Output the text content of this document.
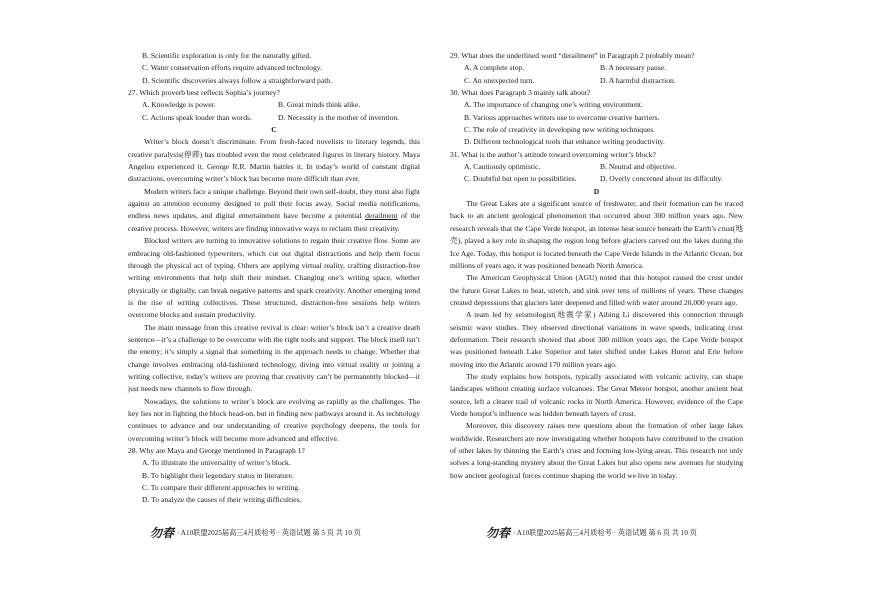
B. Scientific exploration is only for the naturally gifted.

C. Water conservation efforts require advanced technology.

D. Scientific discoveries always follow a straightforward path.

27. Which proverb best reflects Sophia’s journey?

A. Knowledge is power.	B. Great minds think alike.
C. Actions speak louder than words.	D. Necessity is the mother of invention.

C

Writer’s block doesn’t discriminate. From fresh-faced novelists to literary legends, this creative paralysis(停滞) has troubled even the most celebrated figures in literary history. Maya Angelou experienced it. George R.R. Martin battles it. In today’s world of constant digital distractions, overcoming writer’s block has become more difficult than ever.

Modern writers face a unique challenge. Beyond their own self-doubt, they must also fight against an attention economy designed to pull their focus away. Social media notifications, endless news updates, and digital entertainment have become a potential derailment of the creative process. However, writers are finding innovative ways to reclaim their creativity.

Blocked writers are turning to innovative solutions to regain their creative flow. Some are embracing old-fashioned typewriters, which cut out digital distractions and help them focus through the physical act of typing. Others are applying virtual reality, crafting distraction-free writing environments that help shift their mindset. Changing one’s writing space, whether physically or digitally, can break negative patterns and spark creativity. Another emerging trend is the rise of writing collectives. These structured, distraction-free sessions help writers overcome blocks and sustain productivity.

The main message from this creative revival is clear: writer’s block isn’t a creative death sentence—it’s a challenge to be overcome with the right tools and support. The block itself isn’t the enemy; it’s simply a signal that something in the approach needs to change. Whether that change involves embracing old-fashioned technology, diving into virtual reality or joining a writing collective, today’s writers are proving that creativity can’t be permanently blocked—it just needs new channels to flow through.

Nowadays, the solutions to writer’s block are evolving as rapidly as the challenges. The key lies not in fighting the block head-on, but in finding new pathways around it. As technology continues to advance and our understanding of creative psychology deepens, the tools for overcoming writer’s block will become more advanced and effective.

28. Why are Maya and George mentioned in Paragraph 1?

A. To illustrate the universality of writer’s block.

B. To highlight their legendary status in literature.

C. To compare their different approaches to writing.

D. To analyze the causes of their writing difficulties.

29. What does the underlined word “derailment” in Paragraph 2 probably mean?

A. A complete stop.	B. A necessary pause.
C. An unexpected turn.	D. A harmful distraction.

30. What does Paragraph 3 mainly talk about?

A. The importance of changing one’s writing environment.

B. Various approaches writers use to overcome creative barriers.

C. The role of creativity in developing new writing techniques.

D. Different technological tools that enhance writing productivity.

31. What is the author’s attitude toward overcoming writer’s block?

A. Cautiously optimistic.	B. Neutral and objective.
C. Doubtful but open to possibilities.	D. Overly concerned about its difficulty.

D

The Great Lakes are a significant source of freshwater, and their formation can be traced back to an ancient geological phenomenon that occurred about 300 million years ago. New research reveals that the Cape Verde hotspot, an intense heat source beneath the Earth’s crust(地壳), played a key role in shaping the region long before glaciers carved out the lakes during the Ice Age. Today, this hotspot is located beneath the Cape Verde Islands in the Atlantic Ocean, but millions of years ago, it was positioned beneath North America.

The American Geophysical Union (AGU) noted that this hotspot caused the crust under the future Great Lakes to heat, stretch, and sink over tens of millions of years. These changes created depressions that glaciers later deepened and filled with water around 20,000 years ago.

A team led by seismologist(地震学家) Aibing Li discovered this connection through seismic wave studies. They observed directional variations in wave speeds, indicating crust deformation. Their research showed that about 300 million years ago, the Cape Verde hotspot was positioned beneath Lake Superior and later shifted under Lakes Huron and Erie before moving into the Atlantic around 170 million years ago.

The study explains how hotspots, typically associated with volcanic activity, can shape landscapes without creating surface volcanoes. The Great Meteor hotspot, another ancient heat source, left a clearer trail of volcanic rocks in North America. However, evidence of the Cape Verde hotspot’s influence was hidden beneath layers of crust.

Moreover, this discovery raises new questions about the formation of other large lakes worldwide. Researchers are now investigating whether hotspots have contributed to the creation of other lakes by thinning the Earth’s crust and forming low-lying areas. This research not only solves a long-standing mystery about the Great Lakes but also opens new avenues for studying how ancient geological forces continue shaping the world we live in today.

勿春 · A10联盟2025届高三4月质检考 · 英语试题 第 5 页 共 10 页	勿春 · A10联盟2025届高三4月质检考 · 英语试题 第 6 页 共 10 页
